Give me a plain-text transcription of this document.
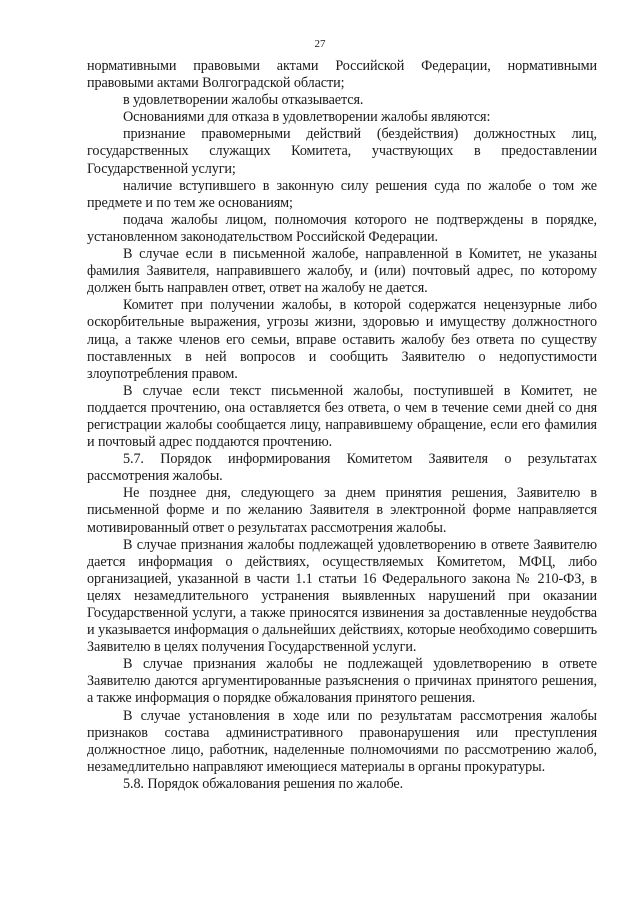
27

нормативными правовыми актами Российской Федерации, нормативными правовыми актами Волгоградской области;

в удовлетворении жалобы отказывается.

Основаниями для отказа в удовлетворении жалобы являются:

признание правомерными действий (бездействия) должностных лиц, государственных служащих Комитета, участвующих в предоставлении Государственной услуги;

наличие вступившего в законную силу решения суда по жалобе о том же предмете и по тем же основаниям;

подача жалобы лицом, полномочия которого не подтверждены в порядке, установленном законодательством Российской Федерации.

В случае если в письменной жалобе, направленной в Комитет, не указаны фамилия Заявителя, направившего жалобу, и (или) почтовый адрес, по которому должен быть направлен ответ, ответ на жалобу не дается.

Комитет при получении жалобы, в которой содержатся нецензурные либо оскорбительные выражения, угрозы жизни, здоровью и имуществу должностного лица, а также членов его семьи, вправе оставить жалобу без ответа по существу поставленных в ней вопросов и сообщить Заявителю о недопустимости злоупотребления правом.

В случае если текст письменной жалобы, поступившей в Комитет, не поддается прочтению, она оставляется без ответа, о чем в течение семи дней со дня регистрации жалобы сообщается лицу, направившему обращение, если его фамилия и почтовый адрес поддаются прочтению.

5.7. Порядок информирования Комитетом Заявителя о результатах рассмотрения жалобы.

Не позднее дня, следующего за днем принятия решения, Заявителю в письменной форме и по желанию Заявителя в электронной форме направляется мотивированный ответ о результатах рассмотрения жалобы.

В случае признания жалобы подлежащей удовлетворению в ответе Заявителю дается информация о действиях, осуществляемых Комитетом, МФЦ, либо организацией, указанной в части 1.1 статьи 16 Федерального закона № 210-ФЗ, в целях незамедлительного устранения выявленных нарушений при оказании Государственной услуги, а также приносятся извинения за доставленные неудобства и указывается информация о дальнейших действиях, которые необходимо совершить Заявителю в целях получения Государственной услуги.

В случае признания жалобы не подлежащей удовлетворению в ответе Заявителю даются аргументированные разъяснения о причинах принятого решения, а также информация о порядке обжалования принятого решения.

В случае установления в ходе или по результатам рассмотрения жалобы признаков состава административного правонарушения или преступления должностное лицо, работник, наделенные полномочиями по рассмотрению жалоб, незамедлительно направляют имеющиеся материалы в органы прокуратуры.

5.8. Порядок обжалования решения по жалобе.
